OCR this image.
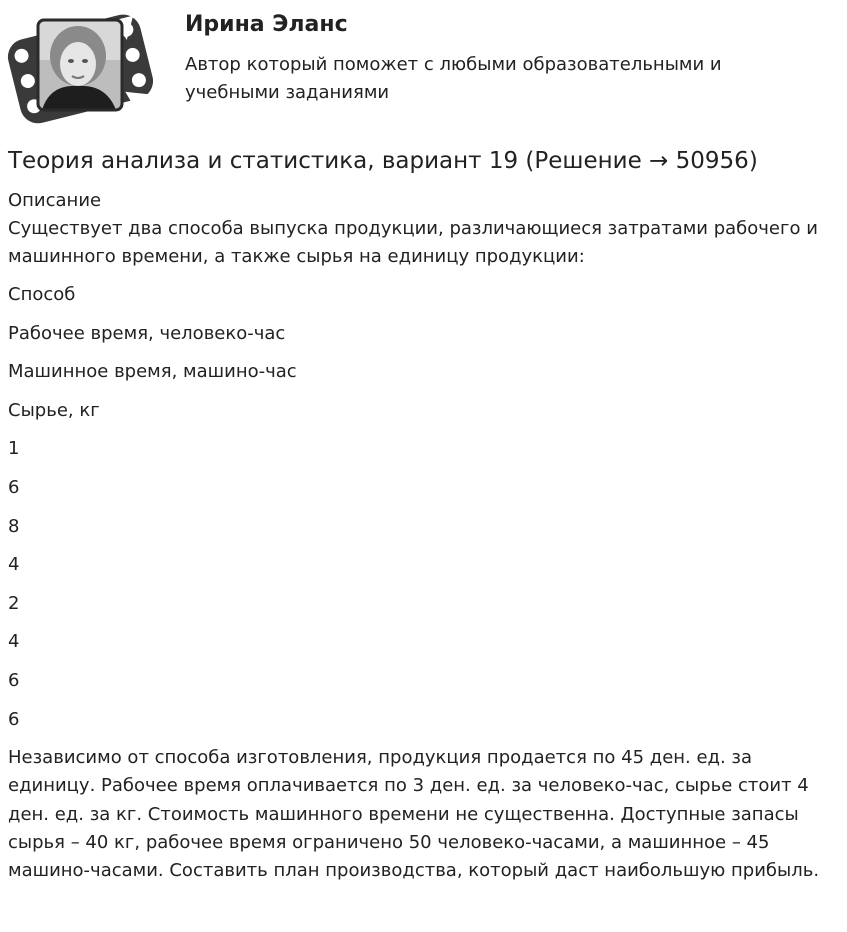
Ирина Эланс

Автор который поможет с любыми образовательными и учебными заданиями

Теория анализа и статистика, вариант 19 (Решение → 50956)

Описание

Существует два способа выпуска продукции, различающиеся затратами рабочего и машинного времени, а также сырья на единицу продукции:

Способ

Рабочее время, человеко-час

Машинное время, машино-час

Сырье, кг

1

6

8

4

2

4

6

6

Независимо от способа изготовления, продукция продается по 45 ден. ед. за единицу. Рабочее время оплачивается по 3 ден. ед. за человеко-час, сырье стоит 4 ден. ед. за кг. Стоимость машинного времени не существенна. Доступные запасы сырья – 40 кг, рабочее время ограничено 50 человеко-часами, а машинное – 45 машино-часами. Составить план производства, который даст наибольшую прибыль.
